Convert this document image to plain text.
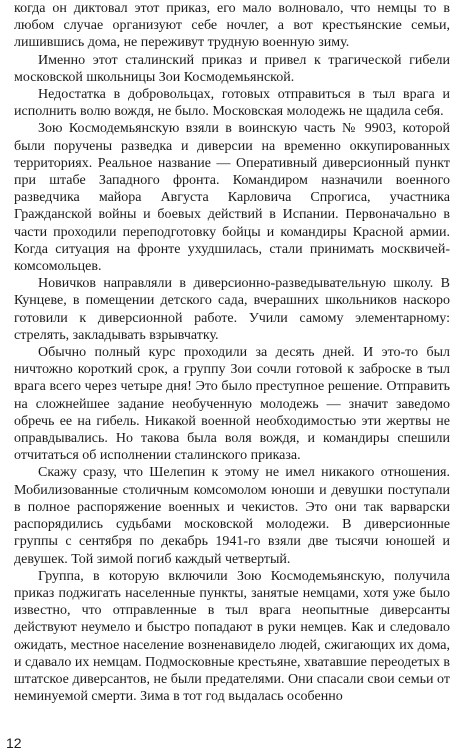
когда он диктовал этот приказ, его мало волновало, что немцы то в любом случае организуют себе ночлег, а вот крестьянские семьи, лишившись дома, не переживут трудную военную зиму.

Именно этот сталинский приказ и привел к трагической гибели московской школьницы Зои Космодемьянской.

Недостатка в добровольцах, готовых отправиться в тыл врага и исполнить волю вождя, не было. Московская молодежь не щадила себя.

Зою Космодемьянскую взяли в воинскую часть № 9903, которой были поручены разведка и диверсии на временно оккупированных территориях. Реальное название — Оперативный диверсионный пункт при штабе Западного фронта. Командиром назначили военного разведчика майора Августа Карловича Спрогиса, участника Гражданской войны и боевых действий в Испании. Первоначально в части проходили переподготовку бойцы и командиры Красной армии. Когда ситуация на фронте ухудшилась, стали принимать москвичей-комсомольцев.

Новичков направляли в диверсионно-разведывательную школу. В Кунцеве, в помещении детского сада, вчерашних школьников наскоро готовили к диверсионной работе. Учили самому элементарному: стрелять, закладывать взрывчатку.

Обычно полный курс проходили за десять дней. И это-то был ничтожно короткий срок, а группу Зои сочли готовой к заброске в тыл врага всего через четыре дня! Это было преступное решение. Отправить на сложнейшее задание необученную молодежь — значит заведомо обречь ее на гибель. Никакой военной необходимостью эти жертвы не оправдывались. Но такова была воля вождя, и командиры спешили отчитаться об исполнении сталинского приказа.

Скажу сразу, что Шелепин к этому не имел никакого отношения. Мобилизованные столичным комсомолом юноши и девушки поступали в полное распоряжение военных и чекистов. Это они так варварски распорядились судьбами московской молодежи. В диверсионные группы с сентября по декабрь 1941-го взяли две тысячи юношей и девушек. Той зимой погиб каждый четвертый.

Группа, в которую включили Зою Космодемьянскую, получила приказ поджигать населенные пункты, занятые немцами, хотя уже было известно, что отправленные в тыл врага неопытные диверсанты действуют неумело и быстро попадают в руки немцев. Как и следовало ожидать, местное население возненавидело людей, сжигающих их дома, и сдавало их немцам. Подмосковные крестьяне, хватавшие переодетых в штатское диверсантов, не были предателями. Они спасали свои семьи от неминуемой смерти. Зима в тот год выдалась особенно

12
